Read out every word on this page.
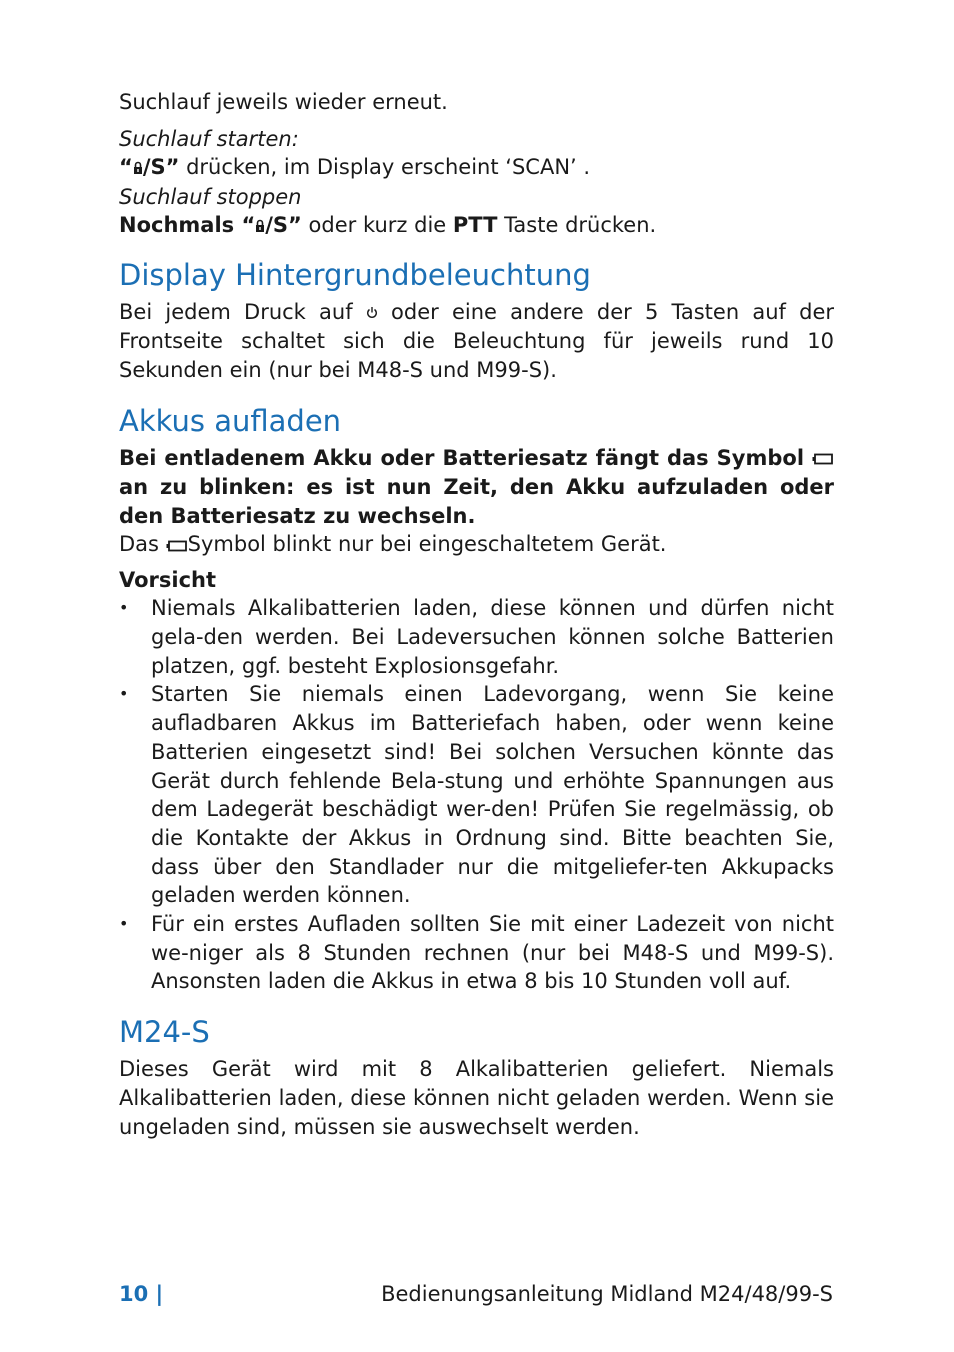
Suchlauf jeweils wieder erneut.

Suchlauf starten:

“ /S” drücken, im Display erscheint ‘SCAN’ .

Suchlauf stoppen

Nochmals “ /S” oder kurz die PTT Taste drücken.

Display Hintergrundbeleuchtung

Bei jedem Druck auf  oder eine andere der 5 Tasten auf der Frontseite schaltet sich die Beleuchtung für jeweils rund 10 Sekunden ein (nur bei M48-S und M99-S).

Akkus aufladen

Bei entladenem Akku oder Batteriesatz fängt das Symbol  an zu blinken: es ist nun Zeit, den Akku aufzuladen oder den Batteriesatz zu wechseln.

Das Symbol blinkt nur bei eingeschaltetem Gerät.

Vorsicht

• Niemals Alkalibatterien laden, diese können und dürfen nicht gela-den werden. Bei Ladeversuchen können solche Batterien platzen, ggf. besteht Explosionsgefahr.
• Starten Sie niemals einen Ladevorgang, wenn Sie keine aufladbaren Akkus im Batteriefach haben, oder wenn keine Batterien eingesetzt sind! Bei solchen Versuchen könnte das Gerät durch fehlende Bela-stung und erhöhte Spannungen aus dem Ladegerät beschädigt wer-den! Prüfen Sie regelmässig, ob die Kontakte der Akkus in Ordnung sind. Bitte beachten Sie, dass über den Standlader nur die mitgeliefer-ten Akkupacks geladen werden können.
• Für ein erstes Aufladen sollten Sie mit einer Ladezeit von nicht we-niger als 8 Stunden rechnen (nur bei M48-S und M99-S). Ansonsten laden die Akkus in etwa 8 bis 10 Stunden voll auf.
M24-S

Dieses Gerät wird mit 8 Alkalibatterien geliefert. Niemals Alkalibatterien laden, diese können nicht geladen werden. Wenn sie ungeladen sind, müssen sie auswechselt werden.

10 |	Bedienungsanleitung Midland M24/48/99-S
